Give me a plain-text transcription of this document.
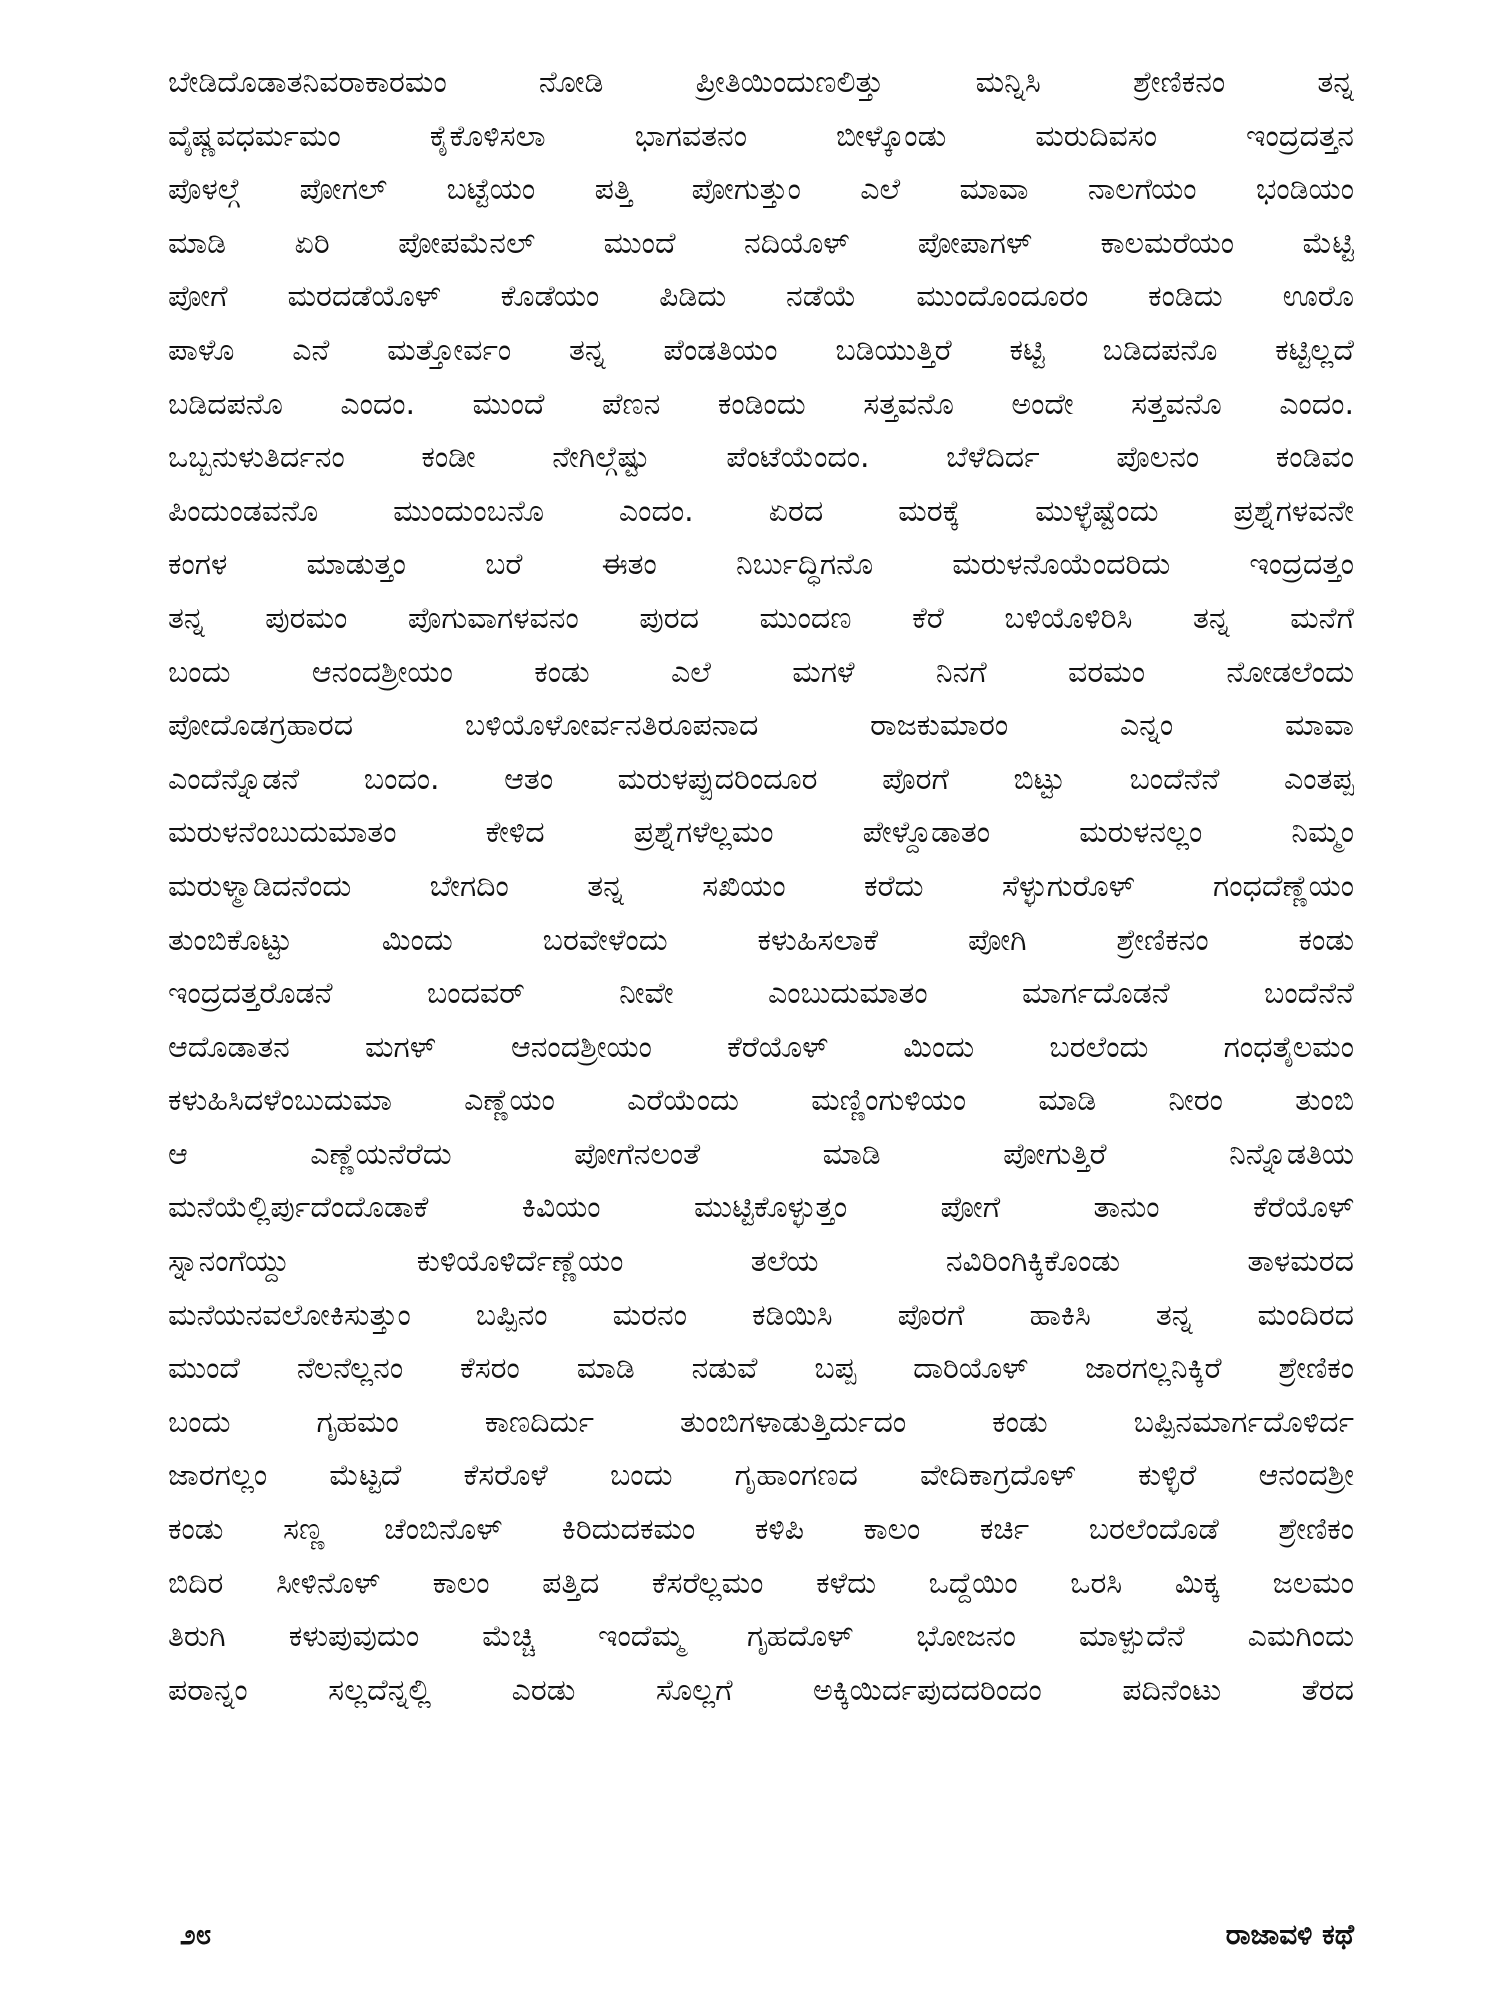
ಬೇಡಿದೊಡಾತನಿವರಾಕಾರಮಂ ನೋಡಿ ಪ್ರೀತಿಯಿಂದುಣಲಿತ್ತು ಮನ್ನಿಸಿ ಶ್ರೇಣಿಕನಂ ತನ್ನ
ವೈಷ್ಣವಧರ್ಮಮಂ ಕೈಕೊಳಿಸಲಾ ಭಾಗವತನಂ ಬೀಳ್ಕೊಂಡು ಮರುದಿವಸಂ ಇಂದ್ರದತ್ತನ
ಪೊಳಲ್ಗೆ ಪೋಗಲ್ ಬಟ್ಟೆಯಂ ಪತ್ತಿ ಪೋಗುತ್ತುಂ ಎಲೆ ಮಾವಾ ನಾಲಗೆಯಂ ಭಂಡಿಯಂ
ಮಾಡಿ ಏರಿ ಪೋಪಮೆನಲ್ ಮುಂದೆ ನದಿಯೊಳ್ ಪೋಪಾಗಳ್ ಕಾಲಮರೆಯಂ ಮೆಟ್ಟಿ
ಪೋಗೆ ಮರದಡೆಯೊಳ್ ಕೊಡೆಯಂ ಪಿಡಿದು ನಡೆಯೆ ಮುಂದೊಂದೂರಂ ಕಂಡಿದು ಊರೊ
ಪಾಳೊ ಎನೆ ಮತ್ತೋರ್ವಂ ತನ್ನ ಪೆಂಡತಿಯಂ ಬಡಿಯುತ್ತಿರೆ ಕಟ್ಟಿ ಬಡಿದಪನೊ ಕಟ್ಟಿಲ್ಲದೆ
ಬಡಿದಪನೊ ಎಂದಂ. ಮುಂದೆ ಪೆಣನ ಕಂಡಿಂದು ಸತ್ತವನೊ ಅಂದೇ ಸತ್ತವನೊ ಎಂದಂ.
ಒಬ್ಬನುಳುತಿರ್ದನಂ ಕಂಡೀ ನೇಗಿಲ್ಗೆಷ್ಟು ಪೆಂಟೆಯೆಂದಂ. ಬೆಳೆದಿರ್ದ ಪೊಲನಂ ಕಂಡಿವಂ
ಪಿಂದುಂಡವನೊ ಮುಂದುಂಬನೊ ಎಂದಂ. ಏರದ ಮರಕ್ಕೆ ಮುಳ್ಳೆಷ್ಟೆಂದು ಪ್ರಶ್ನೆಗಳವನೇ
ಕಂಗಳ ಮಾಡುತ್ತಂ ಬರೆ ಈತಂ ನಿರ್ಬುದ್ಧಿಗನೊ ಮರುಳನೊಯೆಂದರಿದು ಇಂದ್ರದತ್ತಂ
ತನ್ನ ಪುರಮಂ ಪೊಗುವಾಗಳವನಂ ಪುರದ ಮುಂದಣ ಕೆರೆ ಬಳಿಯೊಳಿರಿಸಿ ತನ್ನ ಮನೆಗೆ
ಬಂದು ಆನಂದಶ್ರೀಯಂ ಕಂಡು ಎಲೆ ಮಗಳೆ ನಿನಗೆ ವರಮಂ ನೋಡಲೆಂದು
ಪೋದೊಡಗ್ರಹಾರದ ಬಳಿಯೊಳೋರ್ವನತಿರೂಪನಾದ ರಾಜಕುಮಾರಂ ಎನ್ನಂ ಮಾವಾ
ಎಂದೆನ್ನೊಡನೆ ಬಂದಂ. ಆತಂ ಮರುಳಪ್ಪುದರಿಂದೂರ ಪೊರಗೆ ಬಿಟ್ಟು ಬಂದೆನೆನೆ ಎಂತಪ್ಪ
ಮರುಳನೆಂಬುದುಮಾತಂ ಕೇಳಿದ ಪ್ರಶ್ನೆಗಳೆಲ್ಲಮಂ ಪೇಳ್ದೊಡಾತಂ ಮರುಳನಲ್ಲಂ ನಿಮ್ಮಂ
ಮರುಳ್ಮಾಡಿದನೆಂದು ಬೇಗದಿಂ ತನ್ನ ಸಖಿಯಂ ಕರೆದು ಸೆಳ್ಳುಗುರೊಳ್ ಗಂಧದೆಣ್ಣೆಯಂ
ತುಂಬಿಕೊಟ್ಟು ಮಿಂದು ಬರವೇಳೆಂದು ಕಳುಹಿಸಲಾಕೆ ಪೋಗಿ ಶ್ರೇಣಿಕನಂ ಕಂಡು
ಇಂದ್ರದತ್ತರೊಡನೆ ಬಂದವರ್ ನೀವೇ ಎಂಬುದುಮಾತಂ ಮಾರ್ಗದೊಡನೆ ಬಂದೆನೆನೆ
ಆದೊಡಾತನ ಮಗಳ್ ಆನಂದಶ್ರೀಯಂ ಕೆರೆಯೊಳ್ ಮಿಂದು ಬರಲೆಂದು ಗಂಧತೈಲಮಂ
ಕಳುಹಿಸಿದಳೆಂಬುದುಮಾ ಎಣ್ಣೆಯಂ ಎರೆಯೆಂದು ಮಣ್ಣಿಂಗುಳಿಯಂ ಮಾಡಿ ನೀರಂ ತುಂಬಿ
ಆ ಎಣ್ಣೆಯನೆರೆದು ಪೋಗೆನಲಂತೆ ಮಾಡಿ ಪೋಗುತ್ತಿರೆ ನಿನ್ನೊಡತಿಯ
ಮನೆಯೆಲ್ಲಿರ್ಪುದೆಂದೊಡಾಕೆ ಕಿವಿಯಂ ಮುಟ್ಟಿಕೊಳ್ಳುತ್ತಂ ಪೋಗೆ ತಾನುಂ ಕೆರೆಯೊಳ್
ಸ್ನಾನಂಗೆಯ್ದು ಕುಳಿಯೊಳಿರ್ದೆಣ್ಣೆಯಂ ತಲೆಯ ನವಿರಿಂಗಿಕ್ಕಿಕೊಂಡು ತಾಳಮರದ
ಮನೆಯನವಲೋಕಿಸುತ್ತುಂ ಬಪ್ಪಿನಂ ಮರನಂ ಕಡಿಯಿಸಿ ಪೊರಗೆ ಹಾಕಿಸಿ ತನ್ನ ಮಂದಿರದ
ಮುಂದೆ ನೆಲನೆಲ್ಲನಂ ಕೆಸರಂ ಮಾಡಿ ನಡುವೆ ಬಪ್ಪ ದಾರಿಯೊಳ್ ಜಾರಗಲ್ಲನಿಕ್ಕಿರೆ ಶ್ರೇಣಿಕಂ
ಬಂದು ಗೃಹಮಂ ಕಾಣದಿರ್ದು ತುಂಬಿಗಳಾಡುತ್ತಿರ್ದುದಂ ಕಂಡು ಬಪ್ಪಿನಮಾರ್ಗದೊಳಿರ್ದ
ಜಾರಗಲ್ಲಂ ಮೆಟ್ಟದೆ ಕೆಸರೊಳೆ ಬಂದು ಗೃಹಾಂಗಣದ ವೇದಿಕಾಗ್ರದೊಳ್ ಕುಳ್ಳಿರೆ ಆನಂದಶ್ರೀ
ಕಂಡು ಸಣ್ಣ ಚೆಂಬಿನೊಳ್ ಕಿರಿದುದಕಮಂ ಕಳಿಪಿ ಕಾಲಂ ಕರ್ಚಿ ಬರಲೆಂದೊಡೆ ಶ್ರೇಣಿಕಂ
ಬಿದಿರ ಸೀಳಿನೊಳ್ ಕಾಲಂ ಪತ್ತಿದ ಕೆಸರೆಲ್ಲಮಂ ಕಳೆದು ಒದ್ದೆಯಿಂ ಒರಸಿ ಮಿಕ್ಕ ಜಲಮಂ
ತಿರುಗಿ ಕಳುಪುವುದುಂ ಮೆಚ್ಚಿ ಇಂದೆಮ್ಮ ಗೃಹದೊಳ್ ಭೋಜನಂ ಮಾಳ್ಪುದೆನೆ ಎಮಗಿಂದು
ಪರಾನ್ನಂ ಸಲ್ಲದೆನ್ನಲ್ಲಿ ಎರಡು ಸೊಲ್ಲಗೆ ಅಕ್ಕಿಯಿರ್ದಪುದದರಿಂದಂ ಪದಿನೆಂಟು ತೆರದ
೨೮	ರಾಜಾವಳಿ ಕಥೆ
